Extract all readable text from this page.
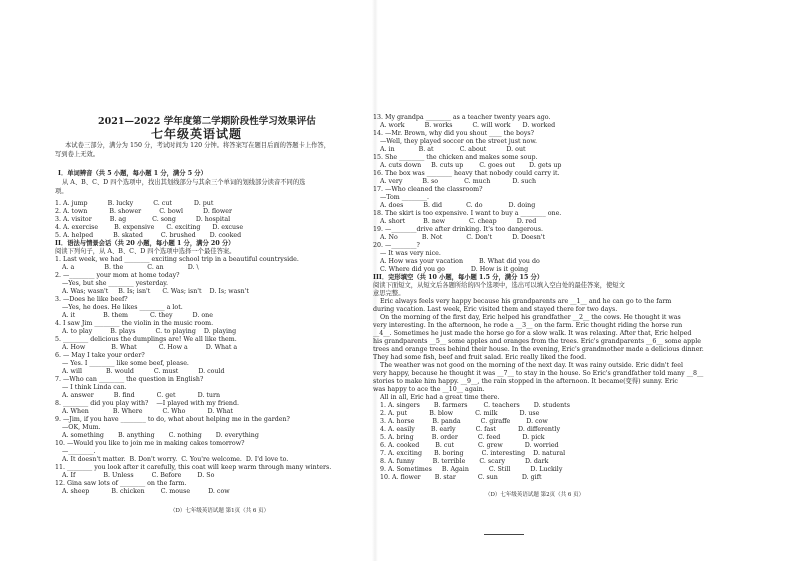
2021—2022 学年度第二学期阶段性学习效果评估
七年级英语试题
本试卷三部分，满分为 150 分，考试时间为 120 分钟。将答案写在题目后面的答题卡上作答，
写到卷上无效。
I．单词辨音（共 5 小题，每小题 1 分，满分 5 分）
从 A、B、C、D 四个选项中，找出其划线部分与其余三个单词的划线部分读音不同的选
项。
1. A. jump          B. lucky          C. cut           D. put
2. A. town           B. shower         C. bowl          D. flower
3. A. visitor         B. ag             C. song          D. hospital
4. A. exercise        B. expensive      C. exciting      D. excuse
5. A. helped          B. skated         C. brushed       D. cooked
II．语法与情景会话（共 20 小题，每小题 1 分，满分 20 分）
阅读下列句子，从 A、B、C、D 四个选项中选择一个最佳答案。
1. Last week, we had ________ exciting school trip in a beautiful countryside.
A. a               B. the            C. an            D. \
2. —________ your mom at home today?
—Yes, but she ________ yesterday.
A. Was; wasn't     B. Is; isn't      C. Was; isn't    D. Is; wasn't
3. —Does he like beef?
—Yes, he does. He likes ________ a lot.
A. it              B. them           C. they          D. one
4. I saw Jim ________ the violin in the music room.
A. to play         B. plays          C. to playing    D. playing
5. ________ delicious the dumplings are! We all like them.
A. How             B. What           C. How a         D. What a
6. — May I take your order?
— Yes. I ________ like some beef, please.
A. will            B. would          C. must          D. could
7. —Who can ________ the question in English?
— I think Linda can.
A. answer          B. find           C. get           D. turn
8. ________ did you play with?    —I played with my friend.
A. When            B. Where          C. Who           D. What
9. —Jim, if you have ________ to do, what about helping me in the garden?
—OK, Mum.
A. something       B. anything       C. nothing       D. everything
10. —Would you like to join me in making cakes tomorrow?
—________.
A. It doesn't matter.  B. Don't worry.  C. You're welcome.  D. I'd love to.
11. ________ you look after it carefully, this coat will keep warm through many winters.
A. If              B. Unless         C. Before        D. So
12. Gina saw lots of ________ on the farm.
A. sheep           B. chicken        C. mouse         D. cow
（D）七年级英语试题 第1页（共 6 页）
13. My grandpa ________ as a teacher twenty years ago.
A. work          B. works          C. will work      D. worked
14. —Mr. Brown, why did you shout ____ the boys?
—Well, they played soccer on the street just now.
A. in            B. at             C. about          D. out
15. She ________ the chicken and makes some soup.
A. cuts down     B. cuts up        C. goes out       D. gets up
16. The box was ________ heavy that nobody could carry it.
A. very          B. so             C. much           D. such
17. —Who cleaned the classroom?
—Tom ________.
A. does          B. did            C. do             D. doing
18. The skirt is too expensive. I want to buy a ________ one.
A. short         B. new            C. cheap          D. red
19. —________drive after drinking. It's too dangerous.
A. No            B. Not            C. Don't          D. Doesn't
20. —________?
— It was very nice.
A. How was your vacation        B. What did you do
C. Where did you go             D. How is it going
III．完形填空（共 10 小题，每小题 1.5 分，满分 15 分）
阅读下面短文，从短文后各题所给的四个选项中，选出可以填入空白处的最佳答案，使短文
意思完整。
Eric always feels very happy because his grandparents are __1__ and he can go to the farm
during vacation. Last week, Eric visited them and stayed there for two days.
On the morning of the first day, Eric helped his grandfather __2__ the cows. He thought it was
very interesting. In the afternoon, he rode a __3__ on the farm. Eric thought riding the horse run
__4__. Sometimes he just made the horse go for a slow walk. It was relaxing. After that, Eric helped
his grandparents __5__ some apples and oranges from the trees. Eric's grandparents __6__ some apple
trees and orange trees behind their house. In the evening, Eric's grandmother made a delicious dinner.
They had some fish, beef and fruit salad. Eric really liked the food.
The weather was not good on the morning of the next day. It was rainy outside. Eric didn't feel
very happy, because he thought it was __7__ to stay in the house. So Eric's grandfather told many __8__
stories to make him happy. __9__, the rain stopped in the afternoon. It became(变得) sunny. Eric
was happy to ace the __10__ again.
All in all, Eric had a great time there.
1. A. singers       B. farmers        C. teachers       D. students
2. A. put           B. blow           C. milk           D. use
3. A. horse         B. panda          C. giraffe        D. cow
4. A. easily        B. early          C. fast           D. differently
5. A. bring         B. order          C. feed           D. pick
6. A. cooked        B. cut            C. grew           D. worried
7. A. exciting      B. boring         C. interesting    D. natural
8. A. funny         B. terrible       C. scary          D. dark
9. A. Sometimes     B. Again          C. Still          D. Luckily
10. A. flower       B. star           C. sun            D. gift
（D）七年级英语试题 第2页（共 6 页）
